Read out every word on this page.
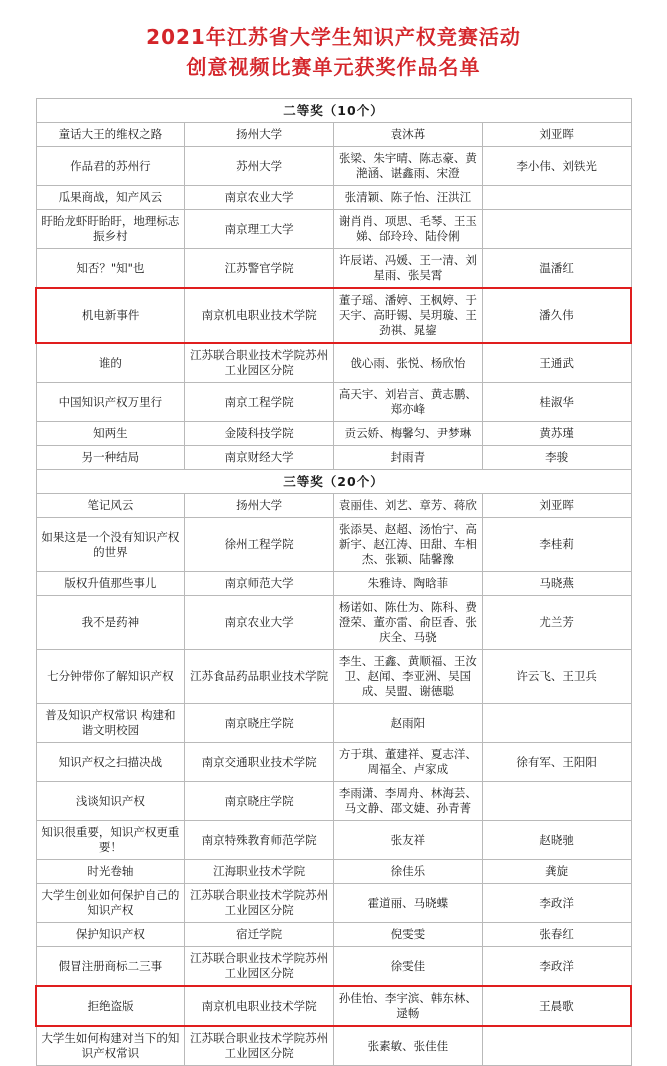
2021年江苏省大学生知识产权竞赛活动
创意视频比赛单元获奖作品名单
二等奖（10个）			
童话大王的维权之路	扬州大学	袁沐苒	刘亚晖
作品君的苏州行	苏州大学	张梁、朱宇晴、陈志豪、黄滟涵、谌鑫雨、宋澄	李小伟、刘铁光
瓜果商战，知产风云	南京农业大学	张清颖、陈子怡、汪洪江	
盱眙龙虾盱眙盱，地理标志振乡村	南京理工大学	谢肖肖、项思、毛琴、王玉娣、邰玲玲、陆伶俐	
知否？"知"也	江苏警官学院	许辰诺、冯媛、王一清、刘星雨、张吴霄	温潘红
机电新事件	南京机电职业技术学院	董子瑶、潘婷、王枫婷、于天宇、高盱锡、吴玥璇、王劲祺、晁鋆	潘久伟
谁的	江苏联合职业技术学院苏州工业园区分院	戗心雨、张悦、杨欣怡	王通武
中国知识产权万里行	南京工程学院	高天宇、刘岩言、黄志鹏、郑亦峰	桂淑华
知两生	金陵科技学院	贡云娇、梅馨匀、尹梦琳	黄苏瑾
另一种结局	南京财经大学	封雨青	李骏
三等奖（20个）			
笔记风云	扬州大学	袁丽佳、刘艺、章芳、蒋欣	刘亚晖
如果这是一个没有知识产权的世界	徐州工程学院	张添昊、赵超、汤怡宁、高新宇、赵江涛、田甜、车相杰、张颖、陆馨豫	李桂莉
版权升值那些事儿	南京师范大学	朱雅诗、陶晗菲	马晓燕
我不是药神	南京农业大学	杨诺如、陈仕为、陈科、费澄荣、董亦雷、俞臣香、张庆全、马骁	尤兰芳
七分钟带你了解知识产权	江苏食品药品职业技术学院	李生、王鑫、黄顺福、王汝卫、赵闻、李亚洲、吴国成、吴盟、谢德聪	许云飞、王卫兵
普及知识产权常识 构建和谐文明校园	南京晓庄学院	赵雨阳	
知识产权之扫描决战	南京交通职业技术学院	方于琪、董建祥、夏志洋、周福全、卢家成	徐有军、王阳阳
浅谈知识产权	南京晓庄学院	李雨潇、李周舟、林海芸、马文静、邵文婕、孙青菁	
知识很重要，知识产权更重要！	南京特殊教育师范学院	张友祥	赵晓驰
时光卷轴	江海职业技术学院	徐佳乐	龚旋
大学生创业如何保护自己的知识产权	江苏联合职业技术学院苏州工业园区分院	霍道丽、马晓蝶	李政洋
保护知识产权	宿迁学院	倪雯雯	张春红
假冒注册商标二三事	江苏联合职业技术学院苏州工业园区分院	徐雯佳	李政洋
拒绝盗版	南京机电职业技术学院	孙佳怡、李宇滨、韩东林、逯畅	王晨歌
大学生如何构建对当下的知识产权常识	江苏联合职业技术学院苏州工业园区分院	张素敏、张佳佳	
